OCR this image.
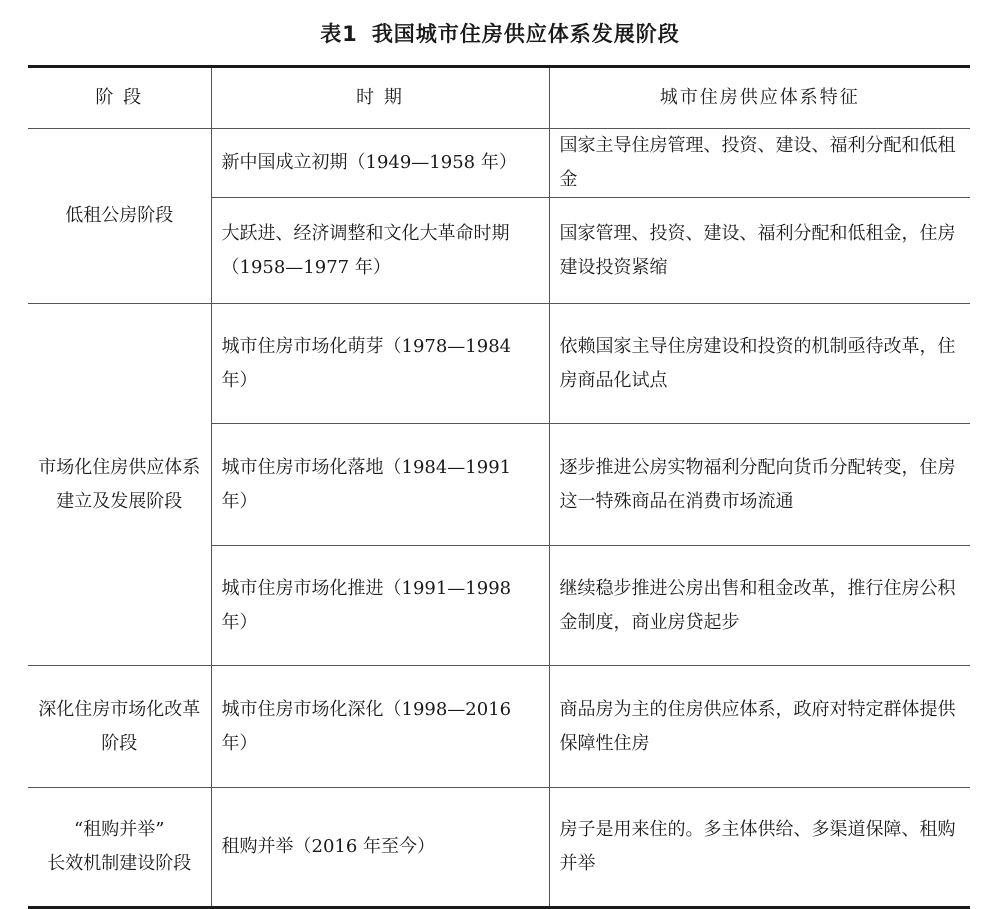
表1 我国城市住房供应体系发展阶段
阶 段	时 期	城市住房供应体系特征

低租公房阶段	新中国成立初期（1949—1958 年）	国家主导住房管理、投资、建设、福利分配和低租金
	大跃进、经济调整和文化大革命时期（1958—1977 年）	国家管理、投资、建设、福利分配和低租金，住房建设投资紧缩

市场化住房供应体系
建立及发展阶段	城市住房市场化萌芽（1978—1984 年）	依赖国家主导住房建设和投资的机制亟待改革，住房商品化试点
	城市住房市场化落地（1984—1991 年）	逐步推进公房实物福利分配向货币分配转变，住房这一特殊商品在消费市场流通
	城市住房市场化推进（1991—1998 年）	继续稳步推进公房出售和租金改革，推行住房公积金制度，商业房贷起步

深化住房市场化改革阶段	城市住房市场化深化（1998—2016 年）	商品房为主的住房供应体系，政府对特定群体提供保障性住房

“租购并举”
长效机制建设阶段	租购并举（2016 年至今）	房子是用来住的。多主体供给、多渠道保障、租购并举
